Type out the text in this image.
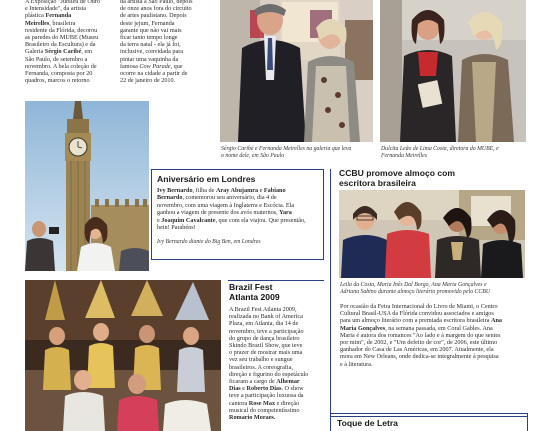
A Exposição "Jubileu de Ouro
e Intensidade", da artista
plástica Fernanda
Meirelles, brasileira
residente da Flórida, decorou
as paredes do MUBE (Museu
Brasileiro da Escultura) e da
Galeria Sérgio Caribé, em
São Paulo, de setembro a
novembro. A bela coleção de
Fernanda, composta por 20
quadros, marcos o retorno
da artista a São Paulo, depois
de onze anos fora do circuito
de artes paulistano. Depois
deste jejum, Fernanda
garante que não vai mais
ficar tanto tempo longe
da terra natal - ela já foi,
inclusive, convidada para
pintar uma vaquinha da
famosa Cow Parade, que
ocorre na cidade a partir de
22 de janeiro de 2010.
Sérgio Caribé e Fernanda Meirelles na galeria que leva
o nome dele, em São Paulo
Dulcita Leão de Lima Costa, diretora do MUBE, e
Fernanda Meirelles
Aniversário em Londres
Ivy Bernardo, filha de Aray Abujamra e Fabiano
Bernardo, comemorou seu aniversário, dia 4 de
novembro, com uma viagem à Inglaterra e Escócia. Ela
ganhou a viagem de presente dos avós maternos, Yara
e Joaquim Cavalcante, que com ela viajou. Que presentão,
hein! Parabéns!
Ivy Bernardo diante do Big Ben, em Londres
CCBU promove almoço com
escritora brasileira
Leila da Costa, Maria Inês Dal Borgo, Ana Maria Gonçalves e
Adriana Sabino durante almoço literário promovido pelo CCBU
Por ocasião da Feira Internacional do Livro de Miami, o Centro
Cultural Brasil-USA da Flórida convidou associados e amigos
para um almoço literário com a premiada escritora brasileira Ana
Maria Gonçalves, na semana passada, em Coral Gables. Ana
Maria é autora dos romances "Ao lado e à margem do que sentes
por mim", de 2002, e "Um defeito de cor", de 2006, este último
ganhador do Casa de Las Américas, em 2007. Atualmente, ela
mora em New Orleans, onde dedica-se integralmente à pesquisa
e à literatura.
Brazil Fest
Atlanta 2009
A Brazil Fest Atlanta 2009,
realizada no Bank of America
Plaza, em Atlanta, dia 14 de
novembro, teve a participação
do grupo de dança brasileiro
Skindo Brazil Show, que teve
o prazer de mostrar mais uma
vez seu trabalho e sungue
brasileiros. A coreografia,
direção e figurino do espetáculo
ficaram a cargo de Alhemar
Dias e Roberto Dias. O show
teve a participação luxuosa da
cantora Rose Max e direção
musical do competentíssimo
Romario Moraes.
Toque de Letra
